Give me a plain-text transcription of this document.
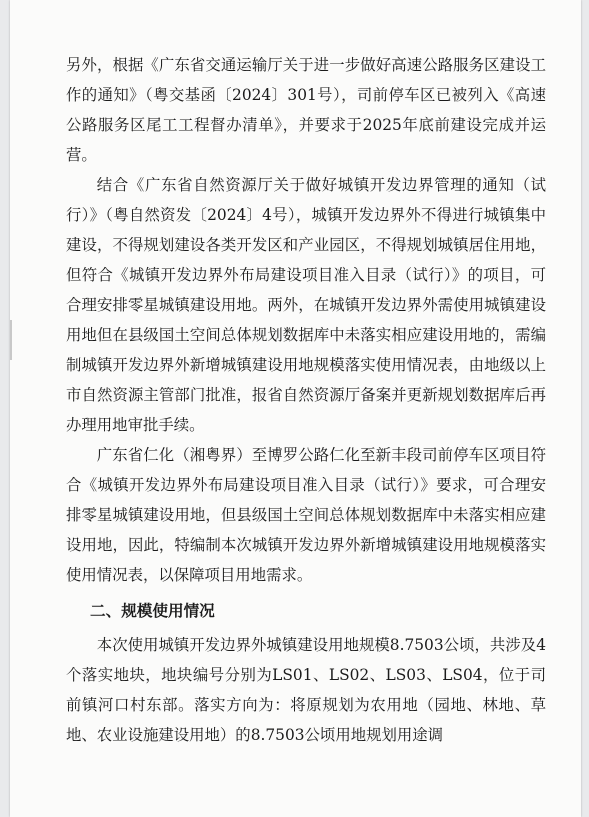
另外，根据《广东省交通运输厅关于进一步做好高速公路服务区建设工作的通知》（粤交基函〔2024〕301号），司前停车区已被列入《高速公路服务区尾工工程督办清单》，并要求于2025年底前建设完成并运营。

结合《广东省自然资源厅关于做好城镇开发边界管理的通知（试行）》（粤自然资发〔2024〕4号），城镇开发边界外不得进行城镇集中建设，不得规划建设各类开发区和产业园区，不得规划城镇居住用地，但符合《城镇开发边界外布局建设项目准入目录（试行）》的项目，可合理安排零星城镇建设用地。两外，在城镇开发边界外需使用城镇建设用地但在县级国土空间总体规划数据库中未落实相应建设用地的，需编制城镇开发边界外新增城镇建设用地规模落实使用情况表，由地级以上市自然资源主管部门批准，报省自然资源厅备案并更新规划数据库后再办理用地审批手续。

广东省仁化（湘粤界）至博罗公路仁化至新丰段司前停车区项目符合《城镇开发边界外布局建设项目准入目录（试行）》要求，可合理安排零星城镇建设用地，但县级国土空间总体规划数据库中未落实相应建设用地，因此，特编制本次城镇开发边界外新增城镇建设用地规模落实使用情况表，以保障项目用地需求。

二、规模使用情况

本次使用城镇开发边界外城镇建设用地规模8.7503公顷，共涉及4个落实地块，地块编号分别为LS01、LS02、LS03、LS04，位于司前镇河口村东部。落实方向为：将原规划为农用地（园地、林地、草地、农业设施建设用地）的8.7503公顷用地规划用途调
